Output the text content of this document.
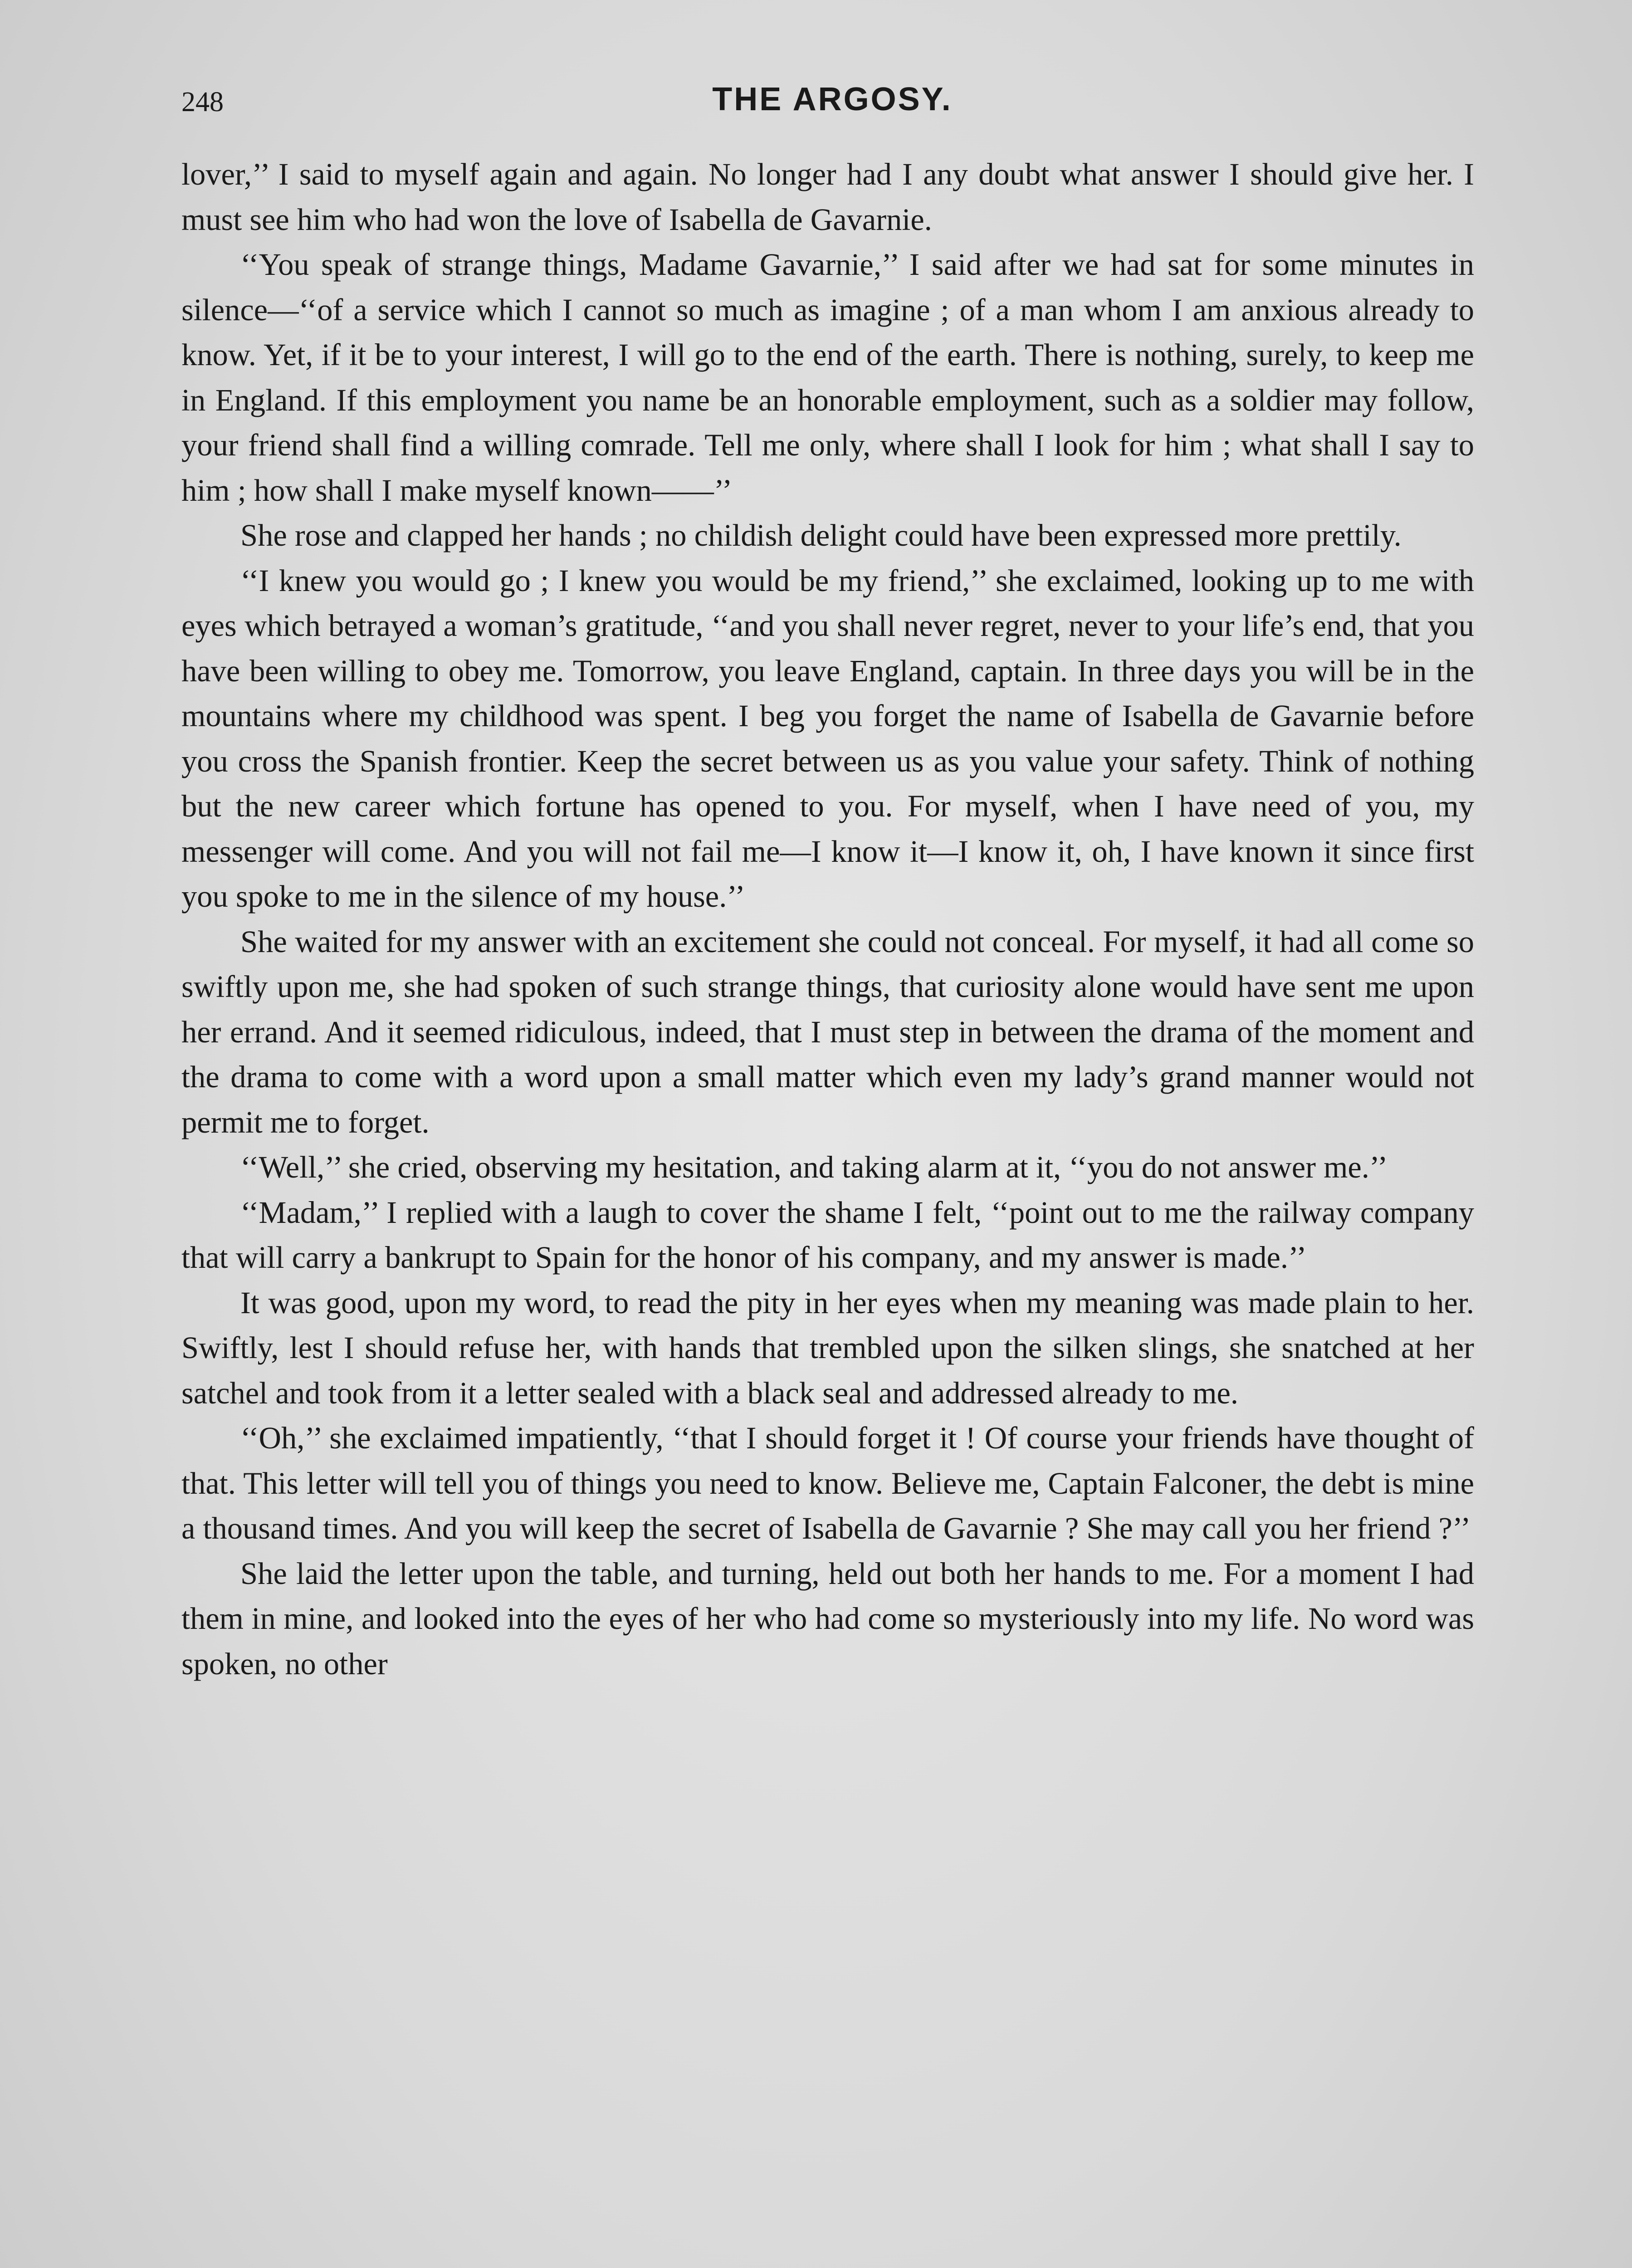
248	THE ARGOSY.

lover,’’ I said to myself again and again. No longer had I any doubt what answer I should give her. I must see him who had won the love of Isabella de Gavarnie.

‘‘You speak of strange things, Madame Gavarnie,’’ I said after we had sat for some minutes in silence—‘‘of a service which I cannot so much as imagine ; of a man whom I am anxious already to know. Yet, if it be to your interest, I will go to the end of the earth. There is nothing, surely, to keep me in England. If this employment you name be an honorable employment, such as a soldier may follow, your friend shall find a willing comrade. Tell me only, where shall I look for him ; what shall I say to him ; how shall I make myself known——’’

She rose and clapped her hands ; no childish delight could have been expressed more prettily.

‘‘I knew you would go ; I knew you would be my friend,’’ she exclaimed, looking up to me with eyes which betrayed a woman’s gratitude, ‘‘and you shall never regret, never to your life’s end, that you have been willing to obey me. Tomorrow, you leave England, captain. In three days you will be in the mountains where my childhood was spent. I beg you forget the name of Isabella de Gavarnie before you cross the Spanish frontier. Keep the secret between us as you value your safety. Think of nothing but the new career which fortune has opened to you. For myself, when I have need of you, my messenger will come. And you will not fail me—I know it—I know it, oh, I have known it since first you spoke to me in the silence of my house.’’

She waited for my answer with an excitement she could not conceal. For myself, it had all come so swiftly upon me, she had spoken of such strange things, that curiosity alone would have sent me upon her errand. And it seemed ridiculous, indeed, that I must step in between the drama of the moment and the drama to come with a word upon a small matter which even my lady’s grand manner would not permit me to forget.

‘‘Well,’’ she cried, observing my hesitation, and taking alarm at it, ‘‘you do not answer me.’’

‘‘Madam,’’ I replied with a laugh to cover the shame I felt, ‘‘point out to me the railway company that will carry a bankrupt to Spain for the honor of his company, and my answer is made.’’

It was good, upon my word, to read the pity in her eyes when my meaning was made plain to her. Swiftly, lest I should refuse her, with hands that trembled upon the silken slings, she snatched at her satchel and took from it a letter sealed with a black seal and addressed already to me.

‘‘Oh,’’ she exclaimed impatiently, ‘‘that I should forget it ! Of course your friends have thought of that. This letter will tell you of things you need to know. Believe me, Captain Falconer, the debt is mine a thousand times. And you will keep the secret of Isabella de Gavarnie ? She may call you her friend ?’’

She laid the letter upon the table, and turning, held out both her hands to me. For a moment I had them in mine, and looked into the eyes of her who had come so mysteriously into my life. No word was spoken, no other
